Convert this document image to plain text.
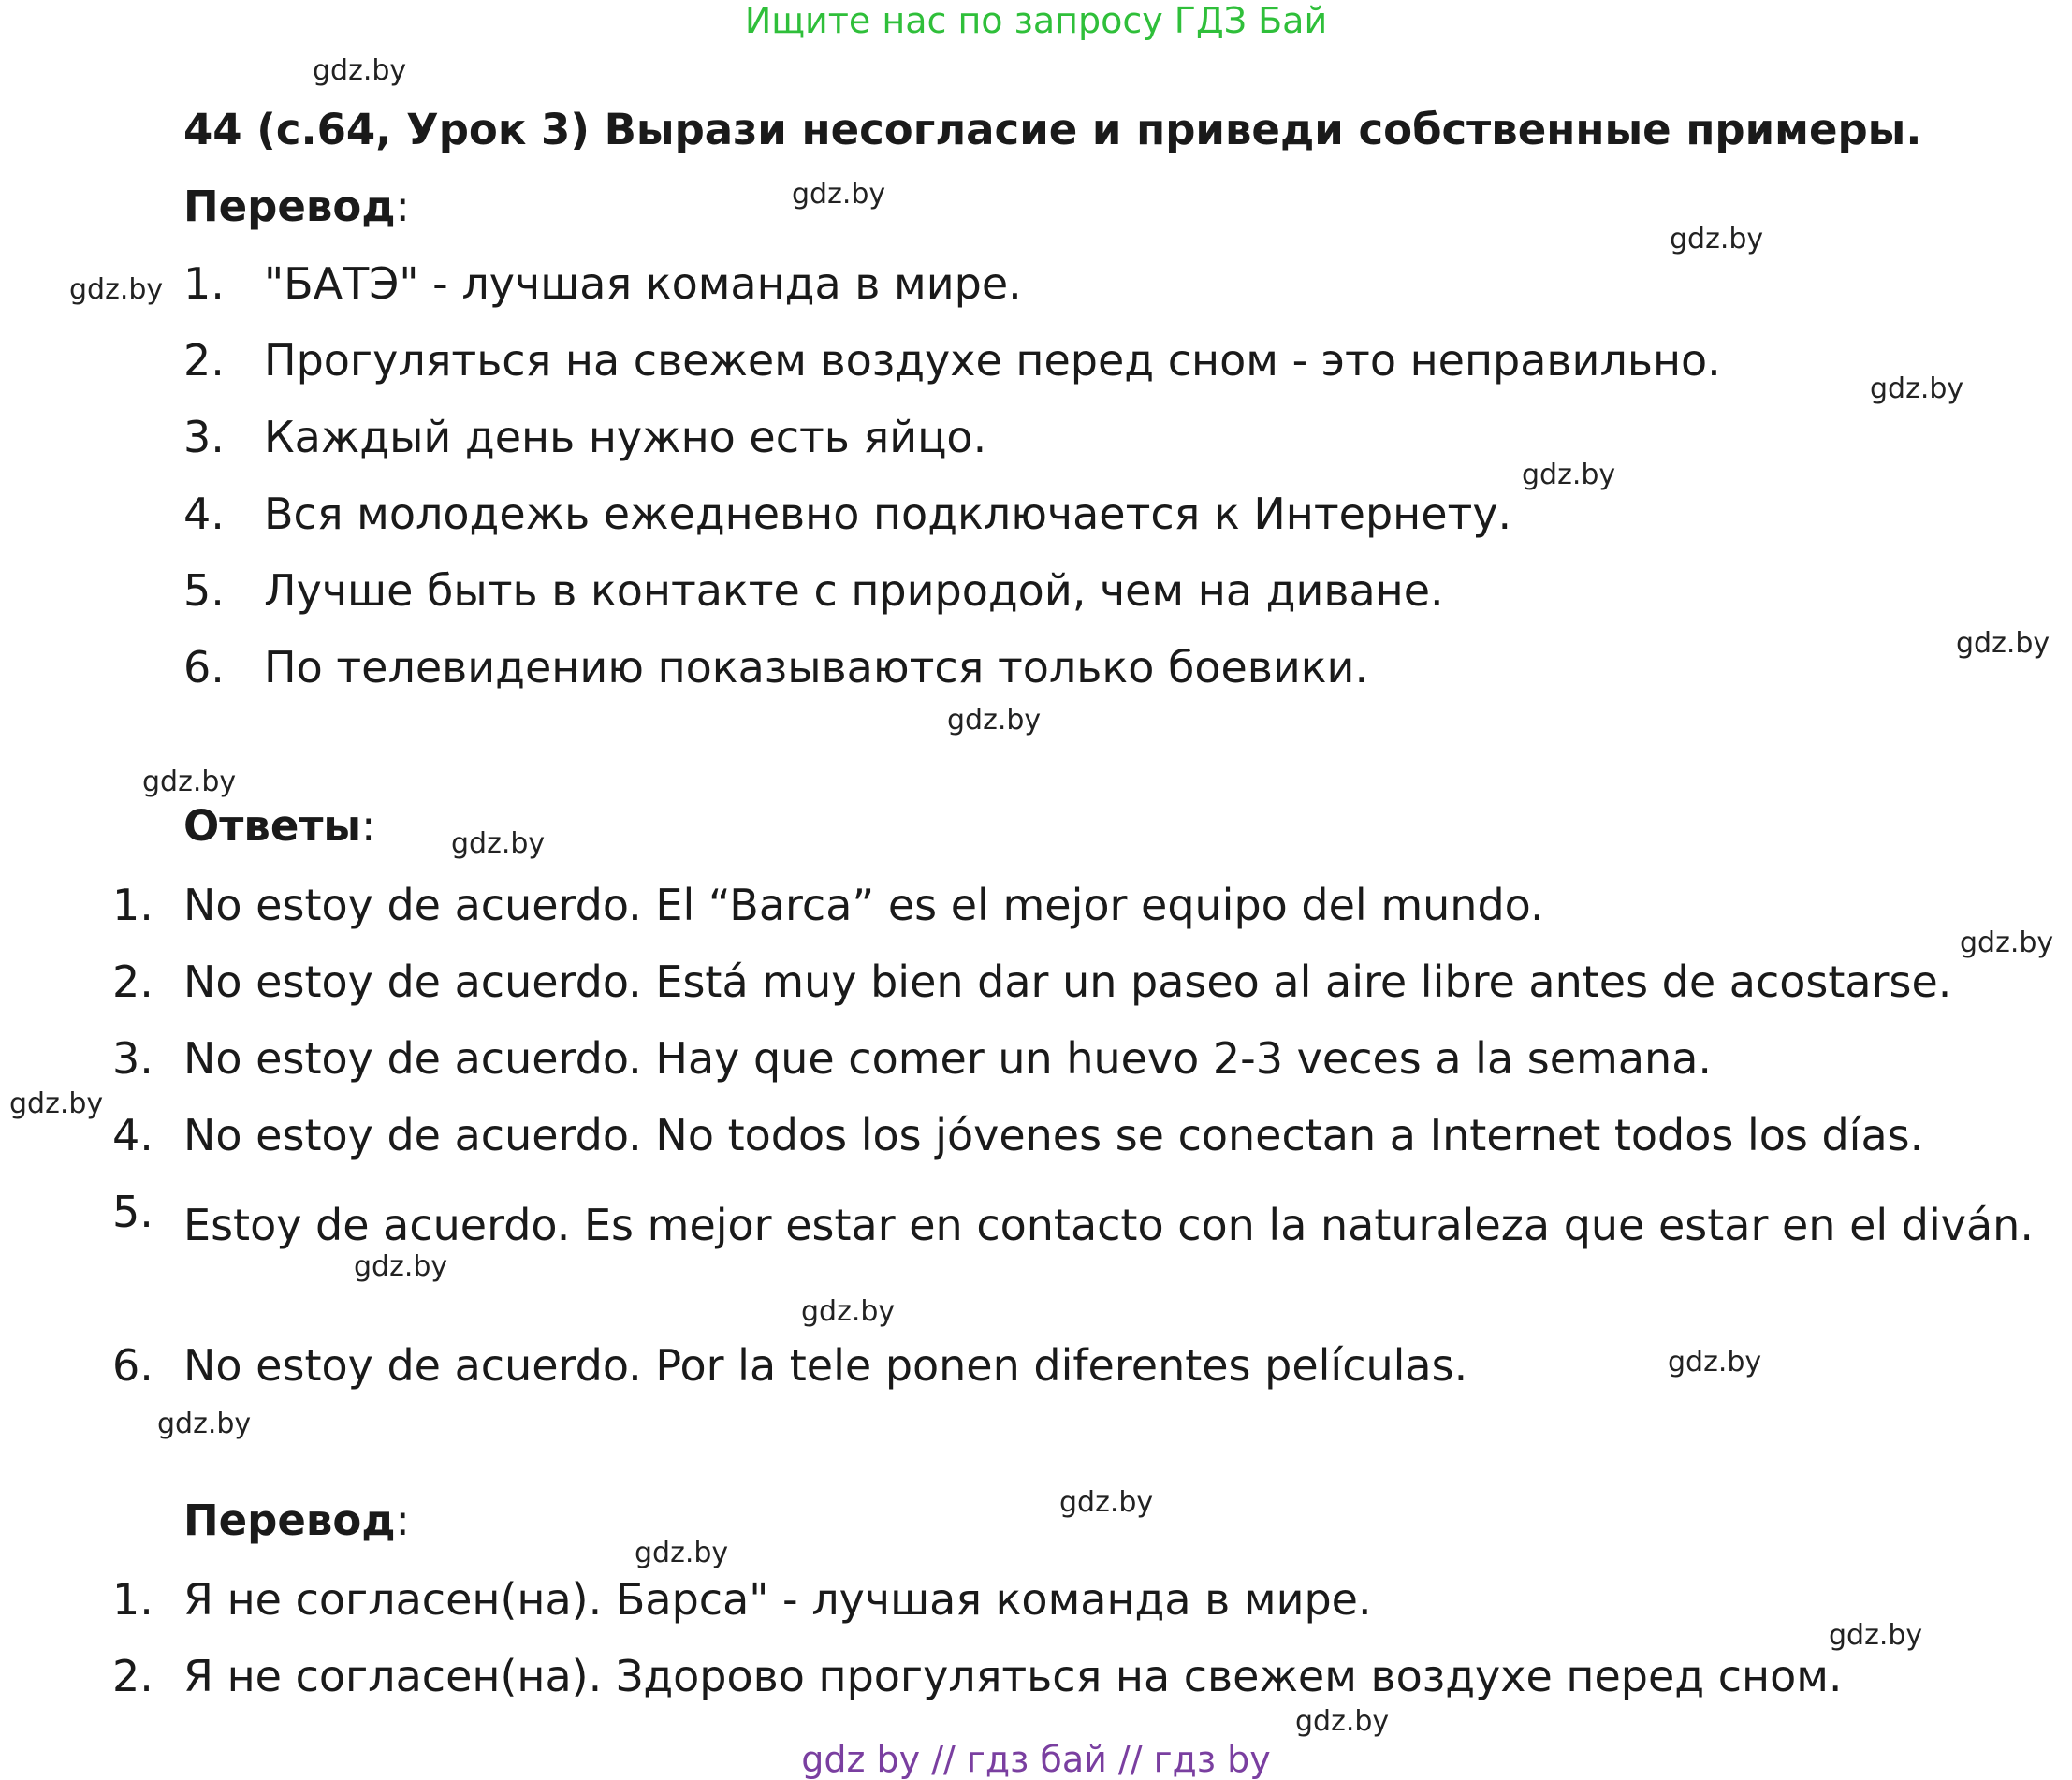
Ищите нас по запросу ГДЗ Бай
44 (с.64, Урок 3) Вырази несогласие и приведи собственные примеры.
Перевод:
1. "БАТЭ" - лучшая команда в мире.
2. Прогуляться на свежем воздухе перед сном - это неправильно.
3. Каждый день нужно есть яйцо.
4. Вся молодежь ежедневно подключается к Интернету.
5. Лучше быть в контакте с природой, чем на диване.
6. По телевидению показываются только боевики.
Ответы:
1. No estoy de acuerdo. El “Barca” es el mejor equipo del mundo.
2. No estoy de acuerdo. Está muy bien dar un paseo al aire libre antes de acostarse.
3. No estoy de acuerdo. Hay que comer un huevo 2-3 veces a la semana.
4. No estoy de acuerdo. No todos los jóvenes se conectan a Internet todos los días.
5. Estoy de acuerdo. Es mejor estar en contacto con la naturaleza que estar en el diván.
6. No estoy de acuerdo. Por la tele ponen diferentes películas.
Перевод:
1. Я не согласен(на). Барса" - лучшая команда в мире.
2. Я не согласен(на). Здорово прогуляться на свежем воздухе перед сном.
gdz.by
gdz.by
gdz.by
gdz.by
gdz.by
gdz.by
gdz.by
gdz.by
gdz.by
gdz.by
gdz.by
gdz.by
gdz.by
gdz.by
gdz.by
gdz.by
gdz.by
gdz.by
gdz.by
gdz.by
gdz by // гдз бай // гдз by
